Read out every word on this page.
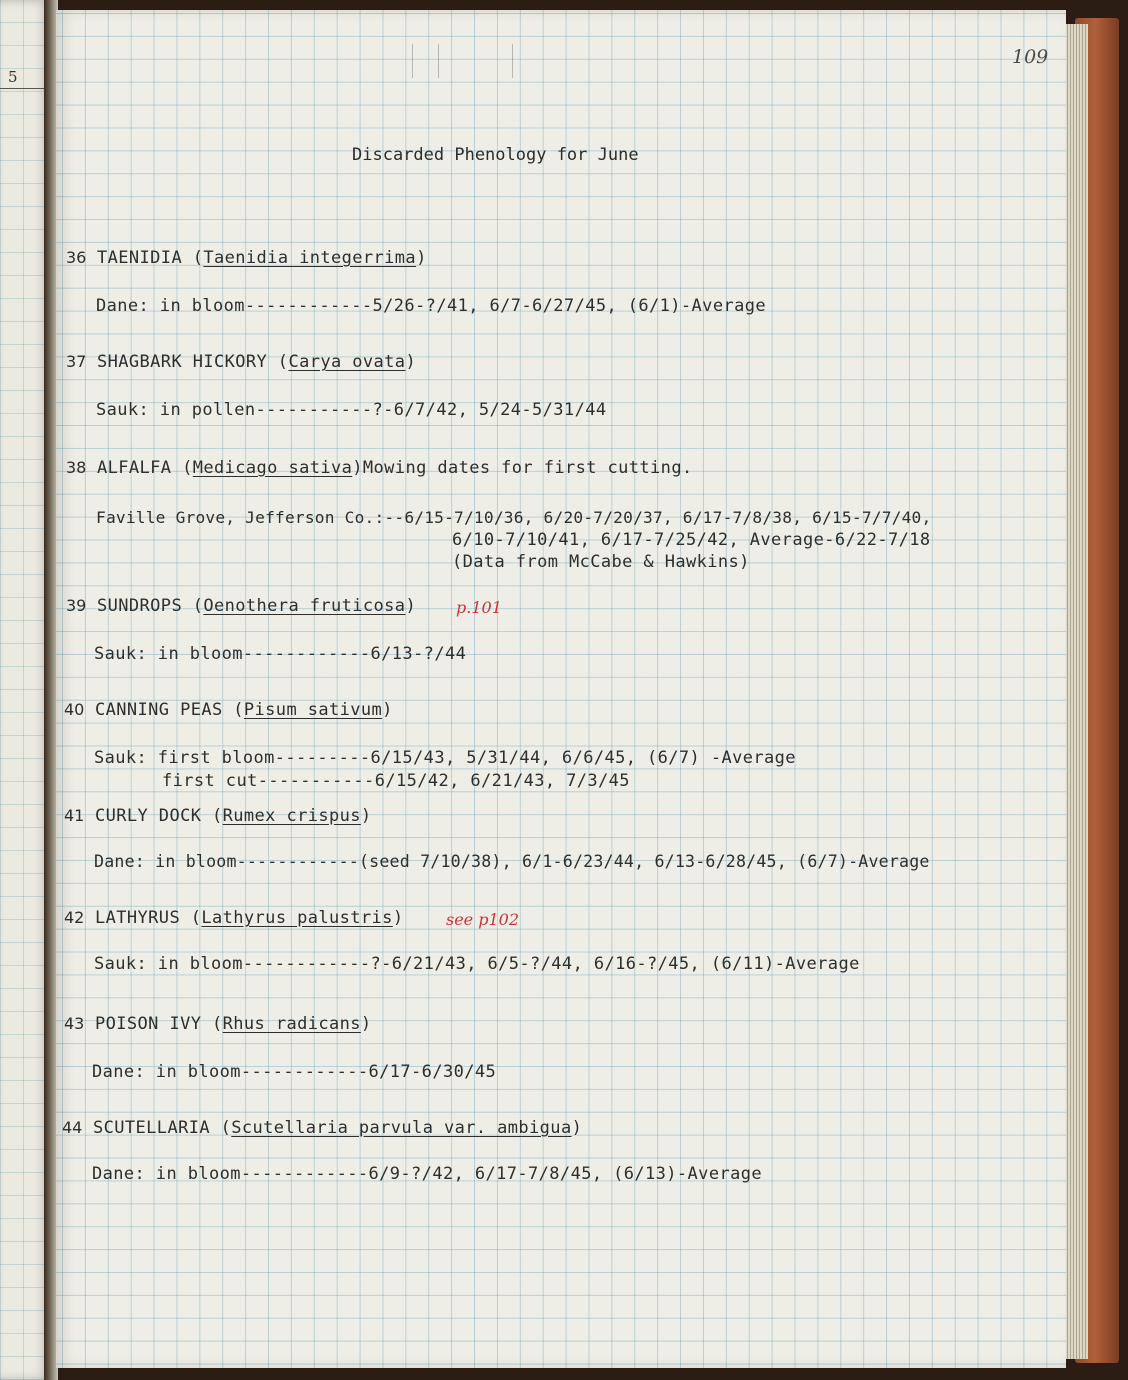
5
109
Discarded Phenology for June
36 TAENIDIA (Taenidia integerrima)
Dane: in bloom------------5/26-?/41, 6/7-6/27/45, (6/1)-Average
37 SHAGBARK HICKORY (Carya ovata)
Sauk: in pollen-----------?-6/7/42, 5/24-5/31/44
38 ALFALFA (Medicago sativa)Mowing dates for first cutting.
Faville Grove, Jefferson Co.:--6/15-7/10/36, 6/20-7/20/37, 6/17-7/8/38, 6/15-7/7/40,
6/10-7/10/41, 6/17-7/25/42, Average-6/22-7/18
(Data from McCabe & Hawkins)
39 SUNDROPS (Oenothera fruticosa) p.101
Sauk: in bloom------------6/13-?/44
40 CANNING PEAS (Pisum sativum)
Sauk: first bloom---------6/15/43, 5/31/44, 6/6/45, (6/7) -Average
first cut-----------6/15/42, 6/21/43, 7/3/45
41 CURLY DOCK (Rumex crispus)
Dane: in bloom------------(seed 7/10/38), 6/1-6/23/44, 6/13-6/28/45, (6/7)-Average
42 LATHYRUS (Lathyrus palustris)	see p102
Sauk: in bloom------------?-6/21/43, 6/5-?/44, 6/16-?/45, (6/11)-Average
43 POISON IVY (Rhus radicans)
Dane: in bloom------------6/17-6/30/45
44 SCUTELLARIA (Scutellaria parvula var. ambigua)
Dane: in bloom------------6/9-?/42, 6/17-7/8/45, (6/13)-Average
